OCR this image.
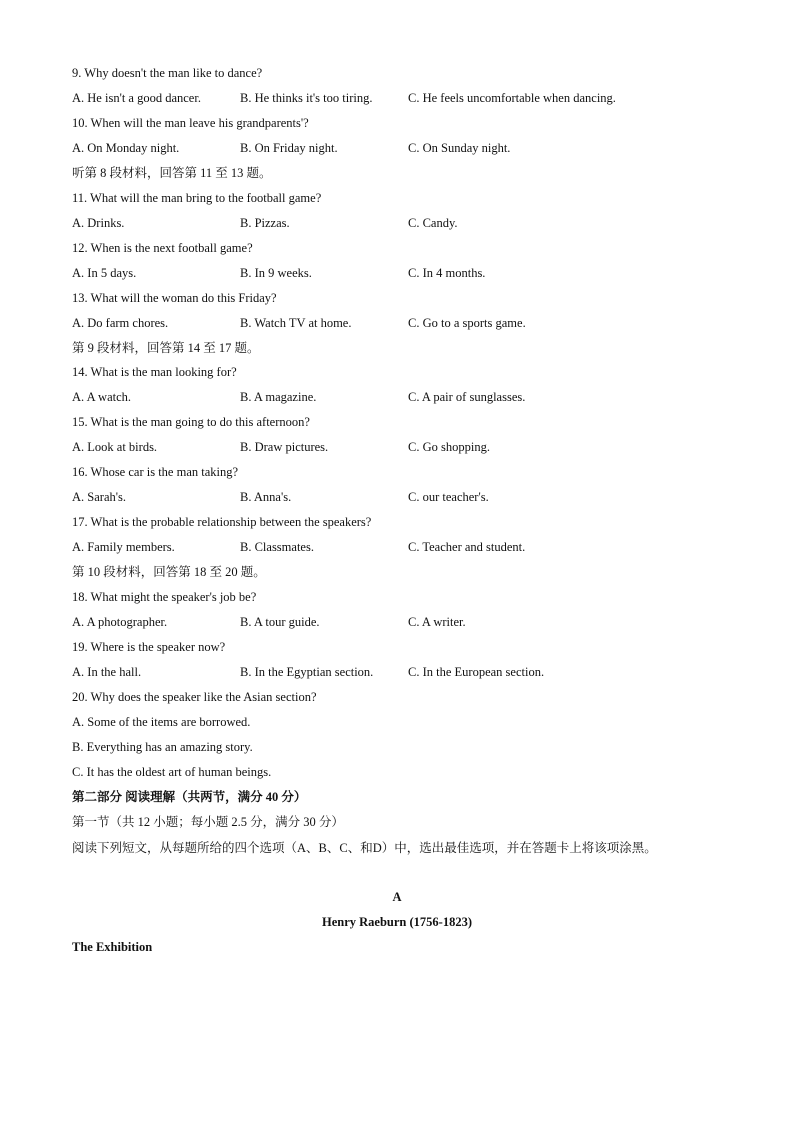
9. Why doesn't the man like to dance?
A. He isn't a good dancer.	B. He thinks it's too tiring.	C. He feels uncomfortable when dancing.
10. When will the man leave his grandparents'?
A. On Monday night.	B. On Friday night.	C. On Sunday night.
听第 8 段材料，回答第 11 至 13 题。
11. What will the man bring to the football game?
A. Drinks.	B. Pizzas.	C. Candy.
12. When is the next football game?
A. In 5 days.	B. In 9 weeks.	C. In 4 months.
13. What will the woman do this Friday?
A. Do farm chores.	B. Watch TV at home.	C. Go to a sports game.
第 9 段材料，回答第 14 至 17 题。
14. What is the man looking for?
A. A watch.	B. A magazine.	C. A pair of sunglasses.
15. What is the man going to do this afternoon?
A. Look at birds.	B. Draw pictures.	C. Go shopping.
16. Whose car is the man taking?
A. Sarah's.	B. Anna's.	C. our teacher's.
17. What is the probable relationship between the speakers?
A. Family members.	B. Classmates.	C. Teacher and student.
第 10 段材料，回答第 18 至 20 题。
18. What might the speaker's job be?
A. A photographer.	B. A tour guide.	C. A writer.
19. Where is the speaker now?
A. In the hall.	B. In the Egyptian section.	C. In the European section.
20. Why does the speaker like the Asian section?
A. Some of the items are borrowed.
B. Everything has an amazing story.
C. It has the oldest art of human beings.
第二部分 阅读理解（共两节，满分 40 分）
第一节（共 12 小题；每小题 2.5 分，满分 30 分）
阅读下列短文，从每题所给的四个选项（A、B、C、和D）中，选出最佳选项，并在答题卡上将该项涂黑。
A
Henry Raeburn (1756-1823)
The Exhibition
